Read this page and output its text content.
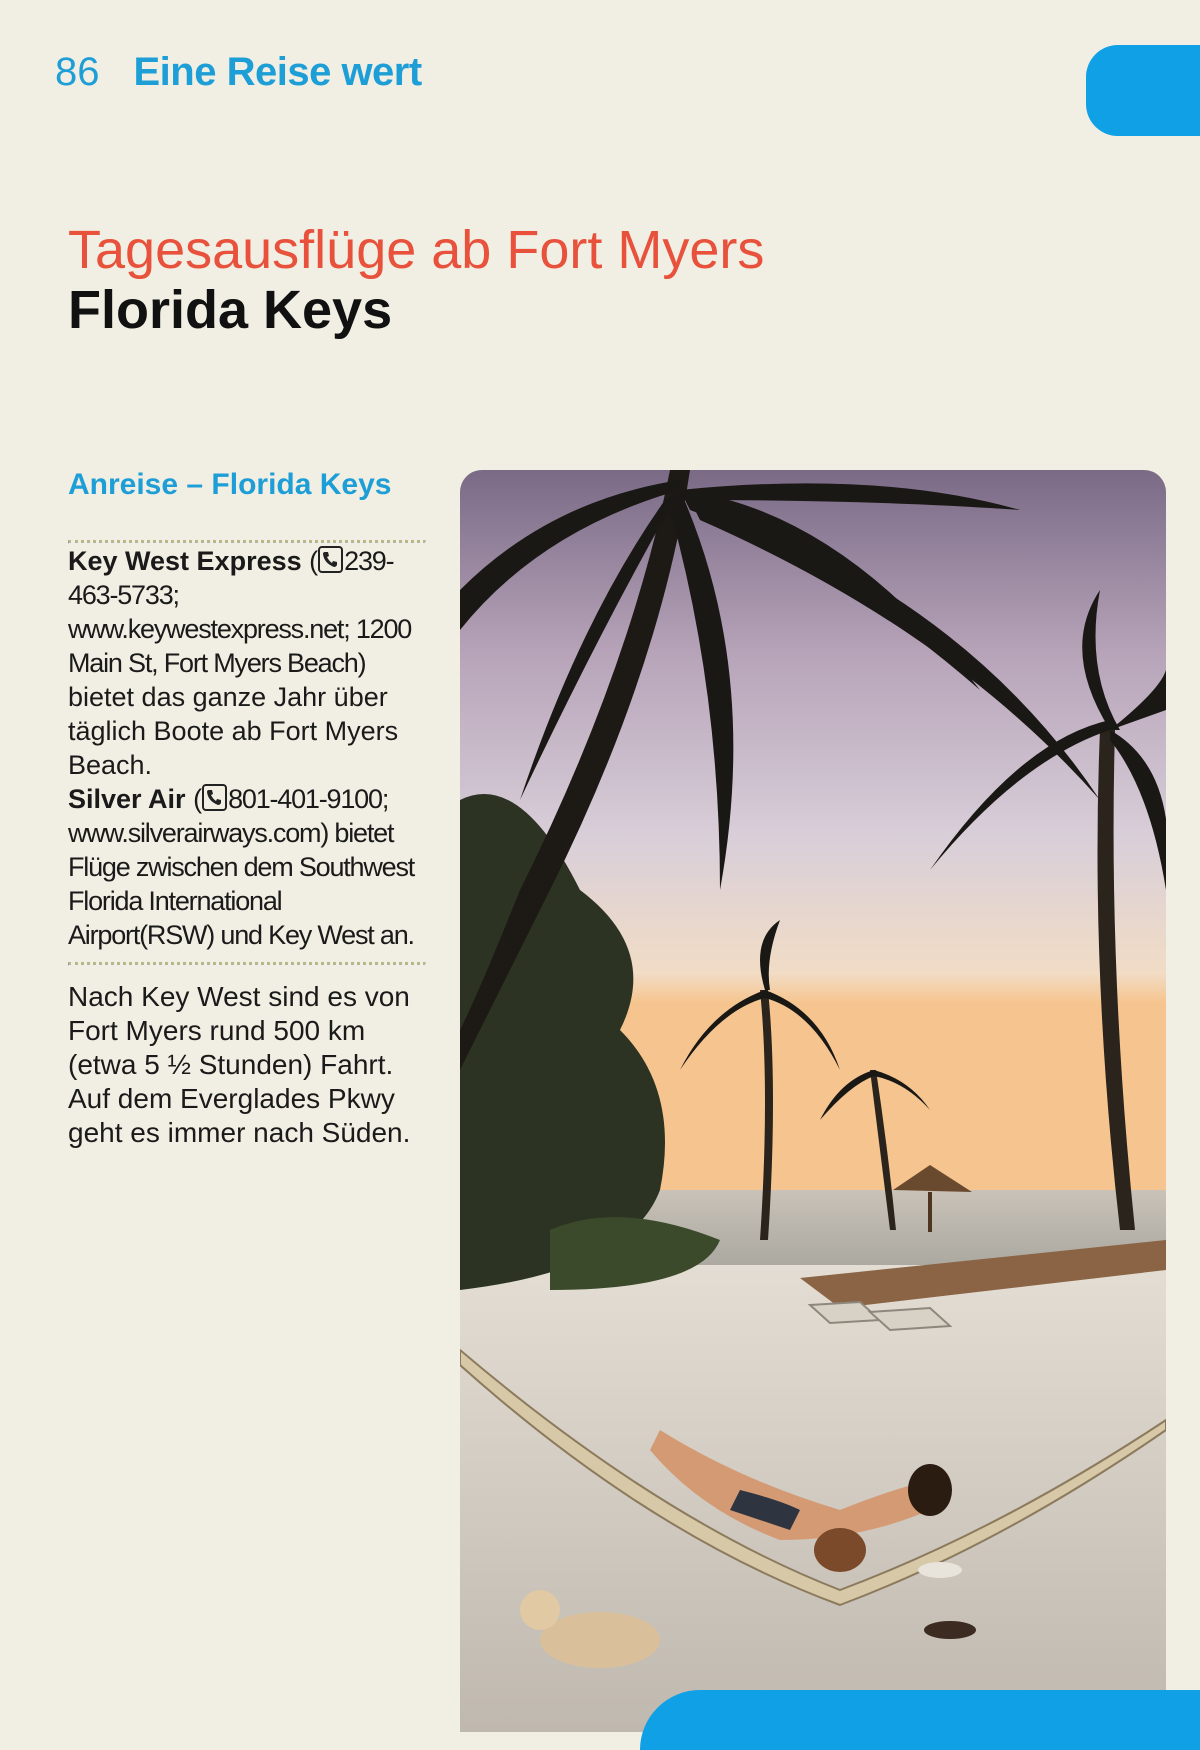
86 Eine Reise wert
Tagesausflüge ab Fort Myers
Florida Keys
Anreise – Florida Keys

Key West Express ( 239-463-5733; www.keywestexpress.net; 1200 Main St, Fort Myers Beach) bietet das ganze Jahr über täglich Boote ab Fort Myers Beach.

Silver Air ( 801-401-9100; www.silverairways.com) bietet Flüge zwischen dem Southwest Florida International Airport(RSW) und Key West an.

Nach Key West sind es von Fort Myers rund 500 km (etwa 5 ½ Stunden) Fahrt. Auf dem Everglades Pkwy geht es immer nach Süden.
